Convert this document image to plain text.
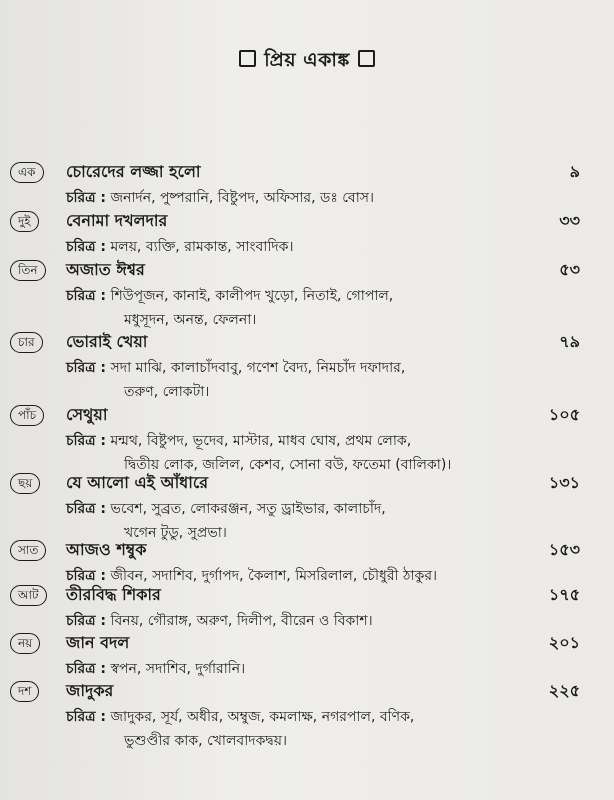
প্রিয় একাঙ্ক
এক	চোরেদের লজ্জা হলো	৯
চরিত্র : জনার্দন, পুষ্পরানি, বিষ্টুপদ, অফিসার, ডঃ বোস।
দুই	বেনামা দখলদার	৩৩
চরিত্র : মলয়, ব্যক্তি, রামকান্ত, সাংবাদিক।
তিন	অজাত ঈশ্বর	৫৩
চরিত্র : শিউপূজন, কানাই, কালীপদ খুড়ো, নিতাই, গোপাল,
মধুসূদন, অনন্ত, ফেলনা।
চার	ভোরাই খেয়া	৭৯
চরিত্র : সদা মাঝি, কালাচাঁদবাবু, গণেশ বৈদ্য, নিমচাঁদ দফাদার,
তরুণ, লোকটা।
পাঁচ	সেথুয়া	১০৫
চরিত্র : মন্মথ, বিষ্টুপদ, ভূদেব, মাস্টার, মাধব ঘোষ, প্রথম লোক,
দ্বিতীয় লোক, জলিল, কেশব, সোনা বউ, ফতেমা (বালিকা)।
ছয়	যে আলো এই আঁধারে	১৩১
চরিত্র : ভবেশ, সুব্রত, লোকরঞ্জন, সতু ড্রাইভার, কালাচাঁদ,
খগেন টুডু, সুপ্রভা।
সাত	আজও শম্বুক	১৫৩
চরিত্র : জীবন, সদাশিব, দুর্গাপদ, কৈলাশ, মিসরিলাল, চৌধুরী ঠাকুর।
আট	তীরবিদ্ধ শিকার	১৭৫
চরিত্র : বিনয়, গৌরাঙ্গ, অরুণ, দিলীপ, বীরেন ও বিকাশ।
নয়	জান বদল	২০১
চরিত্র : স্বপন, সদাশিব, দুর্গারানি।
দশ	জাদুকর	২২৫
চরিত্র : জাদুকর, সূর্য, অধীর, অম্বুজ, কমলাক্ষ, নগরপাল, বণিক,
ভুশুণ্ডীর কাক, খোলবাদকদ্বয়।
